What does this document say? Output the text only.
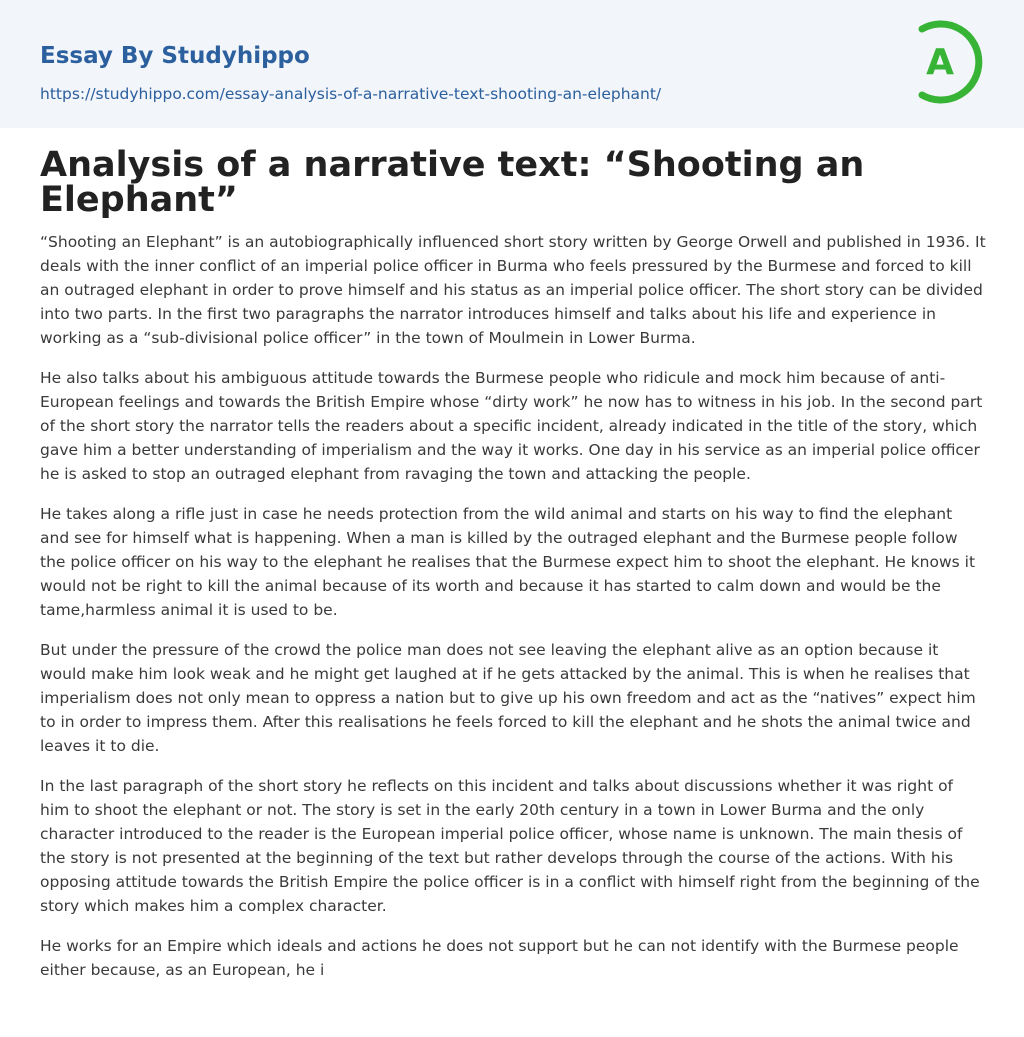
Essay By Studyhippo
https://studyhippo.com/essay-analysis-of-a-narrative-text-shooting-an-elephant/
A
Analysis of a narrative text: “Shooting an Elephant”

“Shooting an Elephant” is an autobiographically influenced short story written by George Orwell and published in 1936. It deals with the inner conflict of an imperial police officer in Burma who feels pressured by the Burmese and forced to kill an outraged elephant in order to prove himself and his status as an imperial police officer. The short story can be divided into two parts. In the first two paragraphs the narrator introduces himself and talks about his life and experience in working as a “sub-divisional police officer” in the town of Moulmein in Lower Burma.

He also talks about his ambiguous attitude towards the Burmese people who ridicule and mock him because of anti-European feelings and towards the British Empire whose “dirty work” he now has to witness in his job. In the second part of the short story the narrator tells the readers about a specific incident, already indicated in the title of the story, which gave him a better understanding of imperialism and the way it works. One day in his service as an imperial police officer he is asked to stop an outraged elephant from ravaging the town and attacking the people.

He takes along a rifle just in case he needs protection from the wild animal and starts on his way to find the elephant and see for himself what is happening. When a man is killed by the outraged elephant and the Burmese people follow the police officer on his way to the elephant he realises that the Burmese expect him to shoot the elephant. He knows it would not be right to kill the animal because of its worth and because it has started to calm down and would be the tame,harmless animal it is used to be.

But under the pressure of the crowd the police man does not see leaving the elephant alive as an option because it would make him look weak and he might get laughed at if he gets attacked by the animal. This is when he realises that imperialism does not only mean to oppress a nation but to give up his own freedom and act as the “natives” expect him to in order to impress them. After this realisations he feels forced to kill the elephant and he shots the animal twice and leaves it to die.

In the last paragraph of the short story he reflects on this incident and talks about discussions whether it was right of him to shoot the elephant or not. The story is set in the early 20th century in a town in Lower Burma and the only character introduced to the reader is the European imperial police officer, whose name is unknown. The main thesis of the story is not presented at the beginning of the text but rather develops through the course of the actions. With his opposing attitude towards the British Empire the police officer is in a conflict with himself right from the beginning of the story which makes him a complex character.

He works for an Empire which ideals and actions he does not support but he can not identify with the Burmese people either because, as an European, he i
